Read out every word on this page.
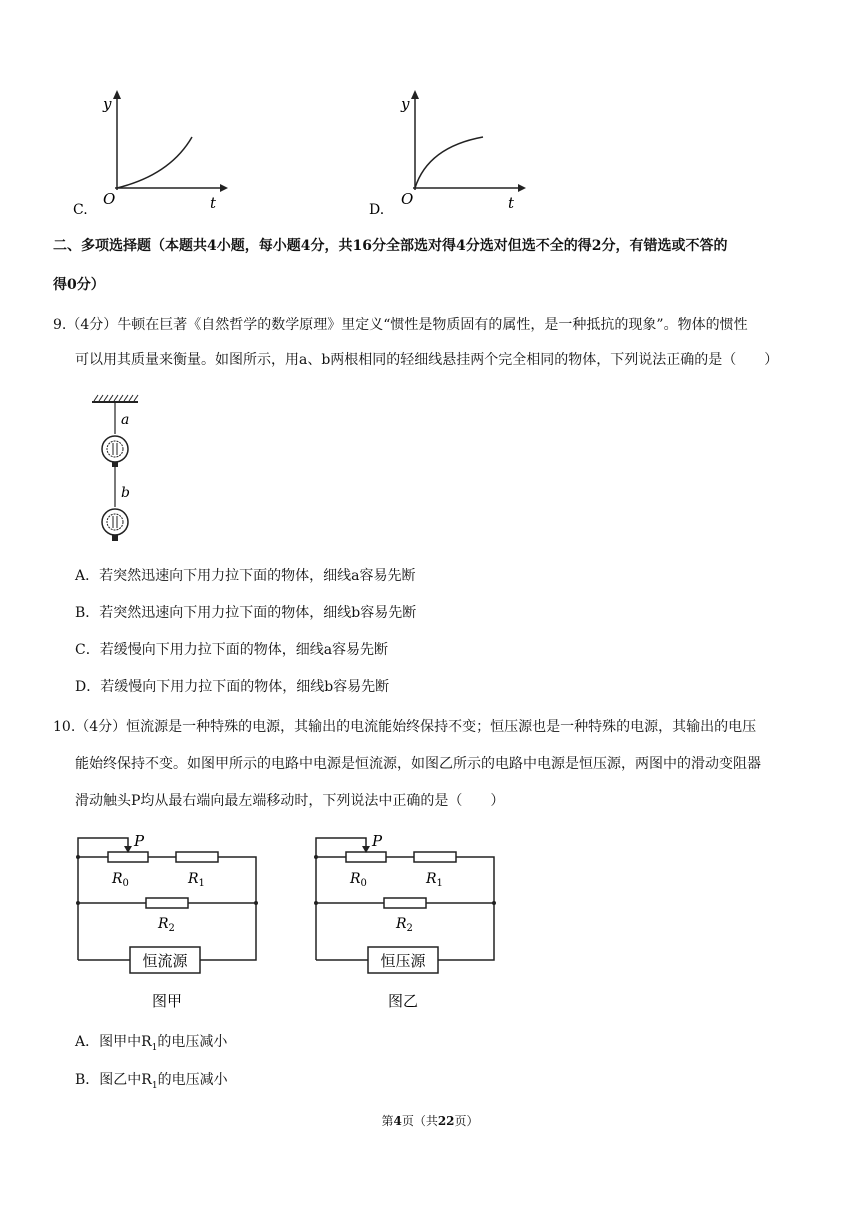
y
O	t
C.
y
O	t
D.
二、多项选择题（本题共4小题，每小题4分，共16分全部选对得4分选对但选不全的得2分，有错选或不答的
得0分）
9.（4分）牛顿在巨著《自然哲学的数学原理》里定义“惯性是物质固有的属性，是一种抵抗的现象”。物体的惯性
可以用其质量来衡量。如图所示，用a、b两根相同的轻细线悬挂两个完全相同的物体，下列说法正确的是（　　）
a
b
A．若突然迅速向下用力拉下面的物体，细线a容易先断
B．若突然迅速向下用力拉下面的物体，细线b容易先断
C．若缓慢向下用力拉下面的物体，细线a容易先断
D．若缓慢向下用力拉下面的物体，细线b容易先断
10.（4分）恒流源是一种特殊的电源，其输出的电流能始终保持不变；恒压源也是一种特殊的电源，其输出的电压
能始终保持不变。如图甲所示的电路中电源是恒流源，如图乙所示的电路中电源是恒压源，两图中的滑动变阻器
滑动触头P均从最右端向最左端移动时，下列说法中正确的是（　　）
P
$R_0$	$R_1$
$R_2$
恒流源
图甲
P
$R_0$	$R_1$
$R_2$
恒压源
图乙
A．图甲中$R_1$的电压减小
B．图乙中$R_1$的电压减小
第4页（共22页）
